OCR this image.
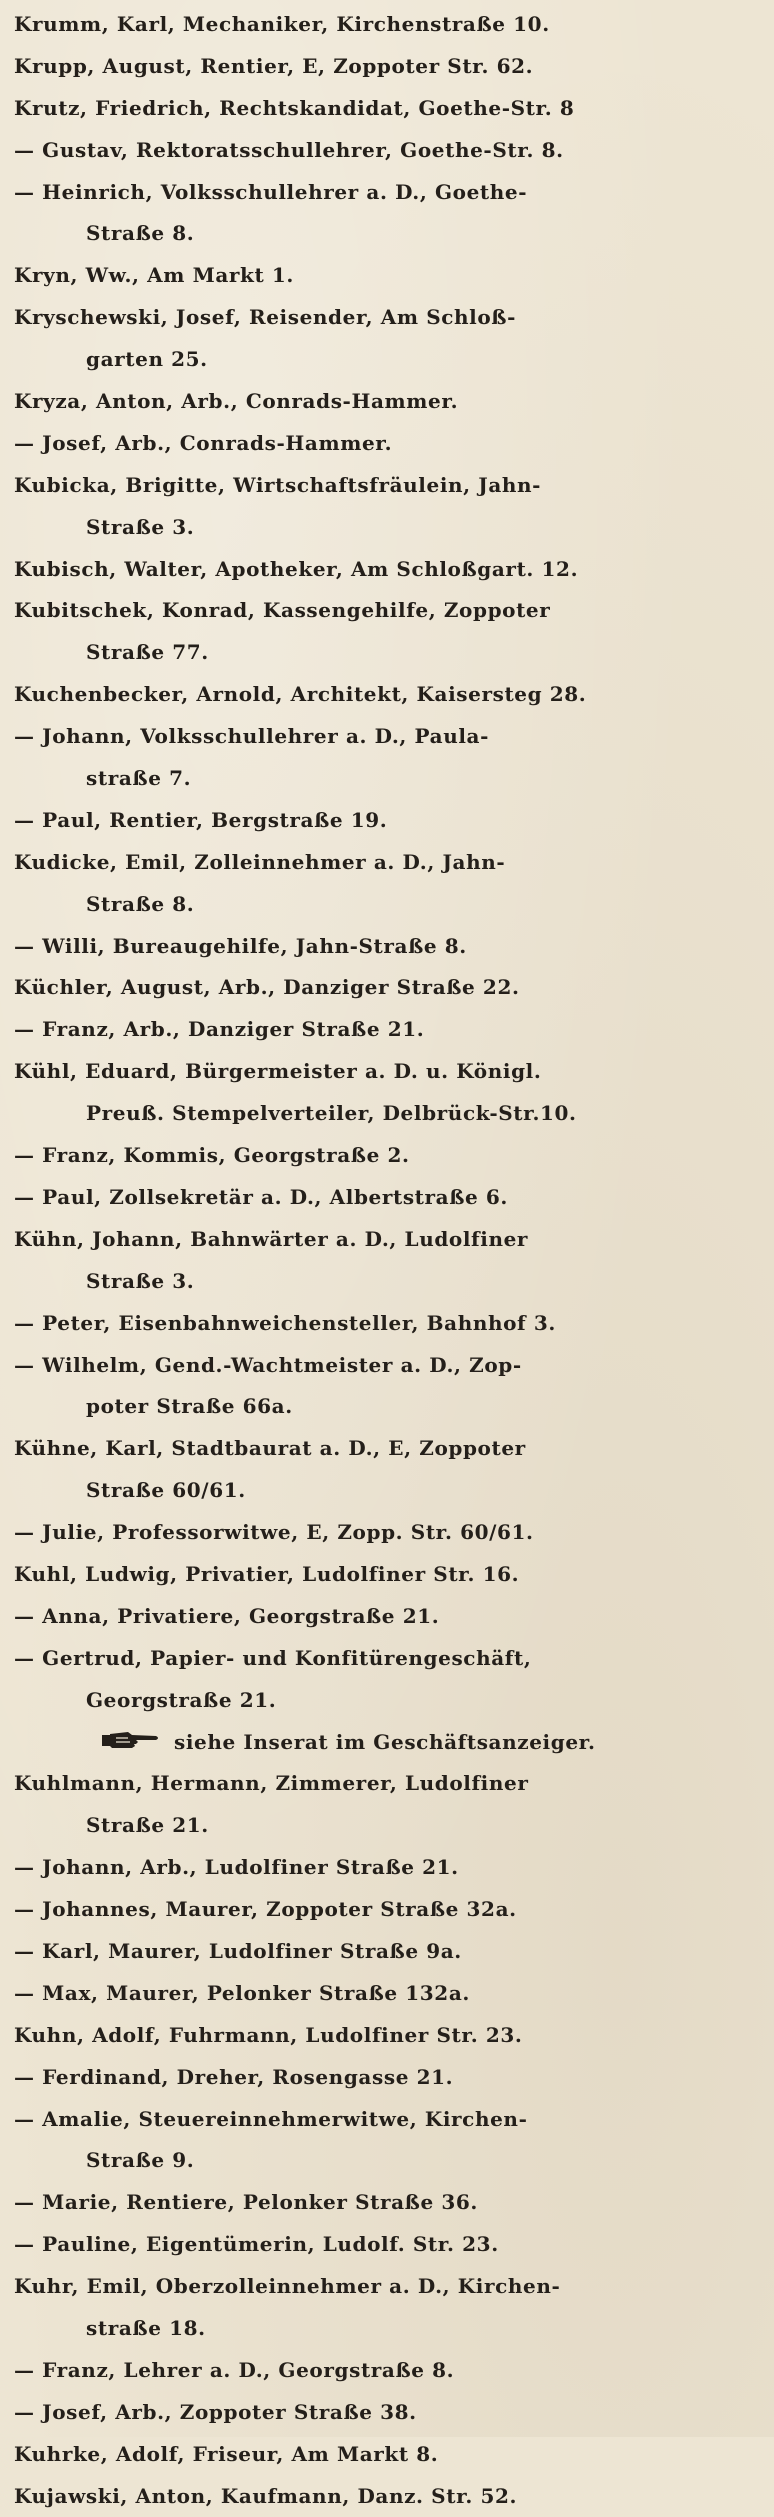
Krumm, Karl, Mechaniker, Kirchenstraße 10.
Krupp, August, Rentier, E, Zoppoter Str. 62.
Krutz, Friedrich, Rechtskandidat, Goethe-Str. 8
— Gustav, Rektoratsschullehrer, Goethe-Str. 8.
— Heinrich, Volksschullehrer a. D., Goethe-
Straße 8.
Kryn, Ww., Am Markt 1.
Kryschewski, Josef, Reisender, Am Schloß-
garten 25.
Kryza, Anton, Arb., Conrads-Hammer.
— Josef, Arb., Conrads-Hammer.
Kubicka, Brigitte, Wirtschaftsfräulein, Jahn-
Straße 3.
Kubisch, Walter, Apotheker, Am Schloßgart. 12.
Kubitschek, Konrad, Kassengehilfe, Zoppoter
Straße 77.
Kuchenbecker, Arnold, Architekt, Kaisersteg 28.
— Johann, Volksschullehrer a. D., Paula-
straße 7.
— Paul, Rentier, Bergstraße 19.
Kudicke, Emil, Zolleinnehmer a. D., Jahn-
Straße 8.
— Willi, Bureaugehilfe, Jahn-Straße 8.
Küchler, August, Arb., Danziger Straße 22.
— Franz, Arb., Danziger Straße 21.
Kühl, Eduard, Bürgermeister a. D. u. Königl.
Preuß. Stempelverteiler, Delbrück-Str.10.
— Franz, Kommis, Georgstraße 2.
— Paul, Zollsekretär a. D., Albertstraße 6.
Kühn, Johann, Bahnwärter a. D., Ludolfiner
Straße 3.
— Peter, Eisenbahnweichensteller, Bahnhof 3.
— Wilhelm, Gend.-Wachtmeister a. D., Zop-
poter Straße 66a.
Kühne, Karl, Stadtbaurat a. D., E, Zoppoter
Straße 60/61.
— Julie, Professorwitwe, E, Zopp. Str. 60/61.
Kuhl, Ludwig, Privatier, Ludolfiner Str. 16.
— Anna, Privatiere, Georgstraße 21.
— Gertrud, Papier- und Konfitürengeschäft,
Georgstraße 21.
siehe Inserat im Geschäftsanzeiger.
Kuhlmann, Hermann, Zimmerer, Ludolfiner
Straße 21.
— Johann, Arb., Ludolfiner Straße 21.
— Johannes, Maurer, Zoppoter Straße 32a.
— Karl, Maurer, Ludolfiner Straße 9a.
— Max, Maurer, Pelonker Straße 132a.
Kuhn, Adolf, Fuhrmann, Ludolfiner Str. 23.
— Ferdinand, Dreher, Rosengasse 21.
— Amalie, Steuereinnehmerwitwe, Kirchen-
Straße 9.
— Marie, Rentiere, Pelonker Straße 36.
— Pauline, Eigentümerin, Ludolf. Str. 23.
Kuhr, Emil, Oberzolleinnehmer a. D., Kirchen-
straße 18.
— Franz, Lehrer a. D., Georgstraße 8.
— Josef, Arb., Zoppoter Straße 38.
Kuhrke, Adolf, Friseur, Am Markt 8.
Kujawski, Anton, Kaufmann, Danz. Str. 52.
